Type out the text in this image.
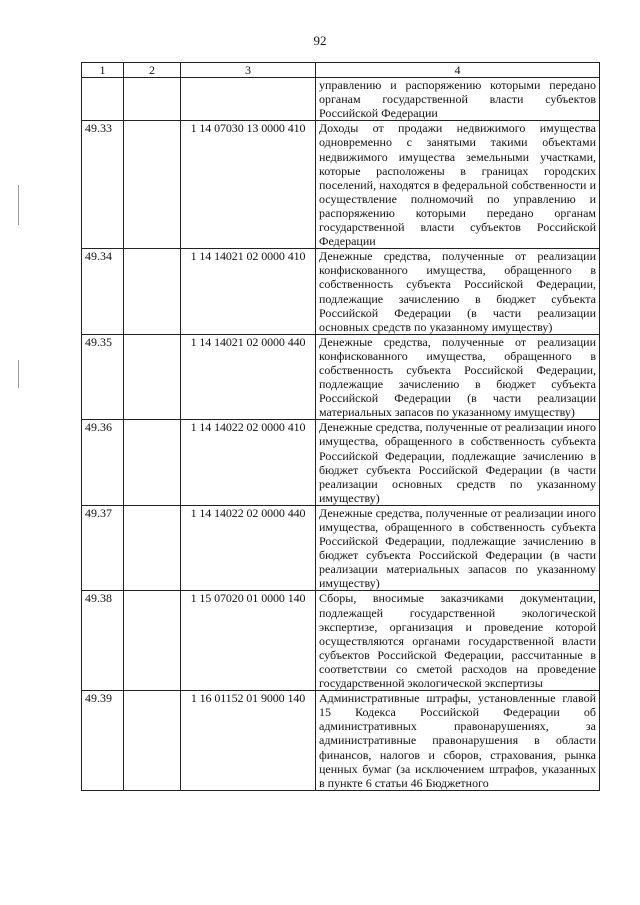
92
1	2	3	4
			управлению и распоряжению которыми передано органам государственной власти субъектов Российской Федерации
49.33		1 14 07030 13 0000 410	Доходы от продажи недвижимого имущества одновременно с занятыми такими объектами недвижимого имущества земельными участками, которые расположены в границах городских поселений, находятся в федеральной собственности и осуществление полномочий по управлению и распоряжению которыми передано органам государственной власти субъектов Российской Федерации
49.34		1 14 14021 02 0000 410	Денежные средства, полученные от реализации конфискованного имущества, обращенного в собственность субъекта Российской Федерации, подлежащие зачислению в бюджет субъекта Российской Федерации (в части реализации основных средств по указанному имуществу)
49.35		1 14 14021 02 0000 440	Денежные средства, полученные от реализации конфискованного имущества, обращенного в собственность субъекта Российской Федерации, подлежащие зачислению в бюджет субъекта Российской Федерации (в части реализации материальных запасов по указанному имуществу)
49.36		1 14 14022 02 0000 410	Денежные средства, полученные от реализации иного имущества, обращенного в собственность субъекта Российской Федерации, подлежащие зачислению в бюджет субъекта Российской Федерации (в части реализации основных средств по указанному имуществу)
49.37		1 14 14022 02 0000 440	Денежные средства, полученные от реализации иного имущества, обращенного в собственность субъекта Российской Федерации, подлежащие зачислению в бюджет субъекта Российской Федерации (в части реализации материальных запасов по указанному имуществу)
49.38		1 15 07020 01 0000 140	Сборы, вносимые заказчиками документации, подлежащей государственной экологической экспертизе, организация и проведение которой осуществляются органами государственной власти субъектов Российской Федерации, рассчитанные в соответствии со сметой расходов на проведение государственной экологической экспертизы
49.39		1 16 01152 01 9000 140	Административные штрафы, установленные главой 15 Кодекса Российской Федерации об административных правонарушениях, за административные правонарушения в области финансов, налогов и сборов, страхования, рынка ценных бумаг (за исключением штрафов, указанных в пункте 6 статьи 46 Бюджетного
